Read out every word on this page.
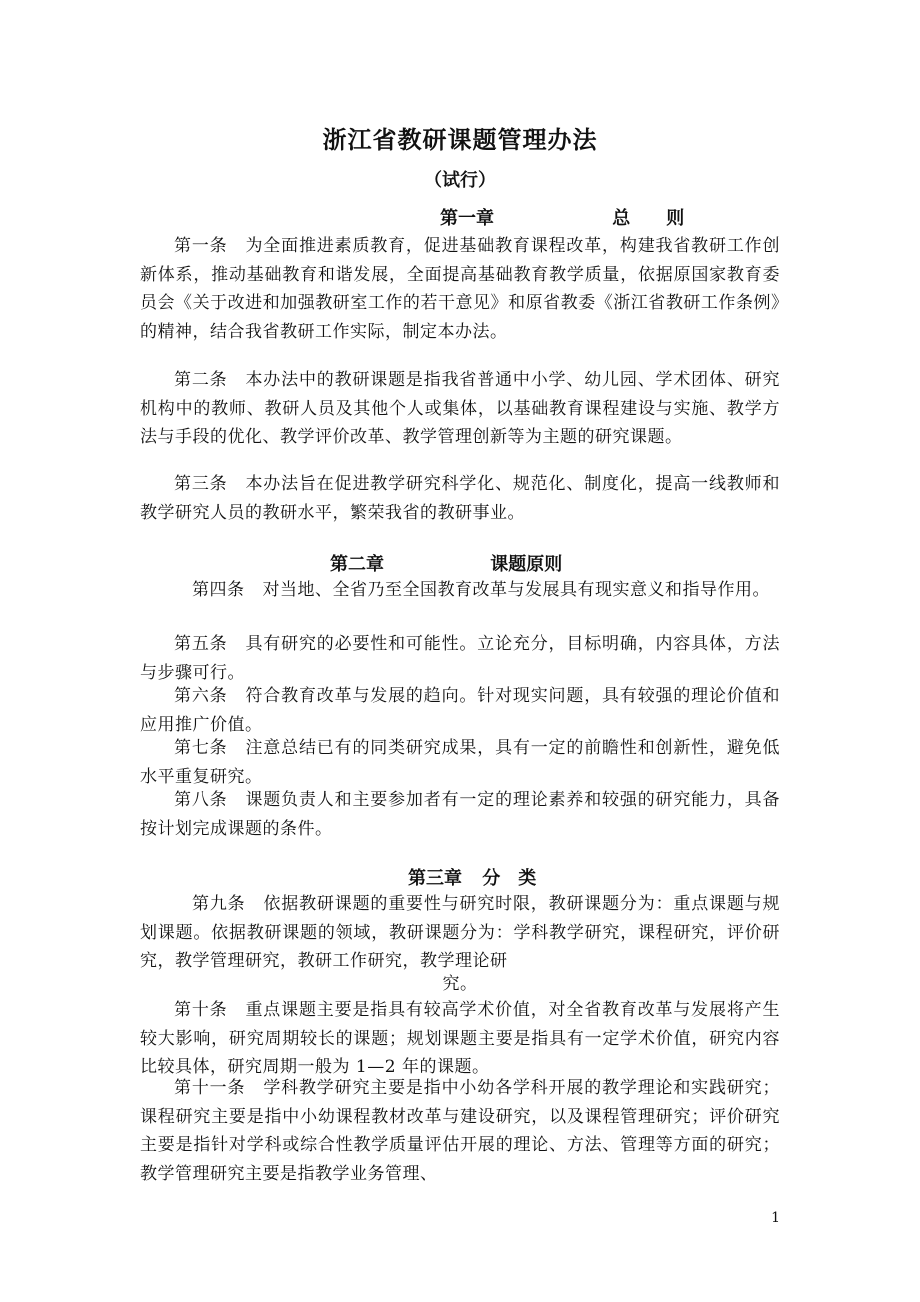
浙江省教研课题管理办法
（试行）
第一章	总　　则

第一条 为全面推进素质教育，促进基础教育课程改革，构建我省教研工作创新体系，推动基础教育和谐发展，全面提高基础教育教学质量，依据原国家教育委员会《关于改进和加强教研室工作的若干意见》和原省教委《浙江省教研工作条例》的精神，结合我省教研工作实际，制定本办法。

第二条 本办法中的教研课题是指我省普通中小学、幼儿园、学术团体、研究机构中的教师、教研人员及其他个人或集体，以基础教育课程建设与实施、教学方法与手段的优化、教学评价改革、教学管理创新等为主题的研究课题。

第三条 本办法旨在促进教学研究科学化、规范化、制度化，提高一线教师和教学研究人员的教研水平，繁荣我省的教研事业。

第二章	课题原则

第四条 对当地、全省乃至全国教育改革与发展具有现实意义和指导作用。

第五条 具有研究的必要性和可能性。立论充分，目标明确，内容具体，方法与步骤可行。

第六条 符合教育改革与发展的趋向。针对现实问题，具有较强的理论价值和应用推广价值。

第七条 注意总结已有的同类研究成果，具有一定的前瞻性和创新性，避免低水平重复研究。

第八条 课题负责人和主要参加者有一定的理论素养和较强的研究能力，具备按计划完成课题的条件。

第三章 分　类

第九条 依据教研课题的重要性与研究时限，教研课题分为：重点课题与规划课题。依据教研课题的领域，教研课题分为：学科教学研究，课程研究，评价研究，教学管理研究，教研工作研究，教学理论研

究。

第十条 重点课题主要是指具有较高学术价值，对全省教育改革与发展将产生较大影响，研究周期较长的课题；规划课题主要是指具有一定学术价值，研究内容比较具体，研究周期一般为 1—2 年的课题。

第十一条 学科教学研究主要是指中小幼各学科开展的教学理论和实践研究；课程研究主要是指中小幼课程教材改革与建设研究，以及课程管理研究；评价研究主要是指针对学科或综合性教学质量评估开展的理论、方法、管理等方面的研究；教学管理研究主要是指教学业务管理、

1
